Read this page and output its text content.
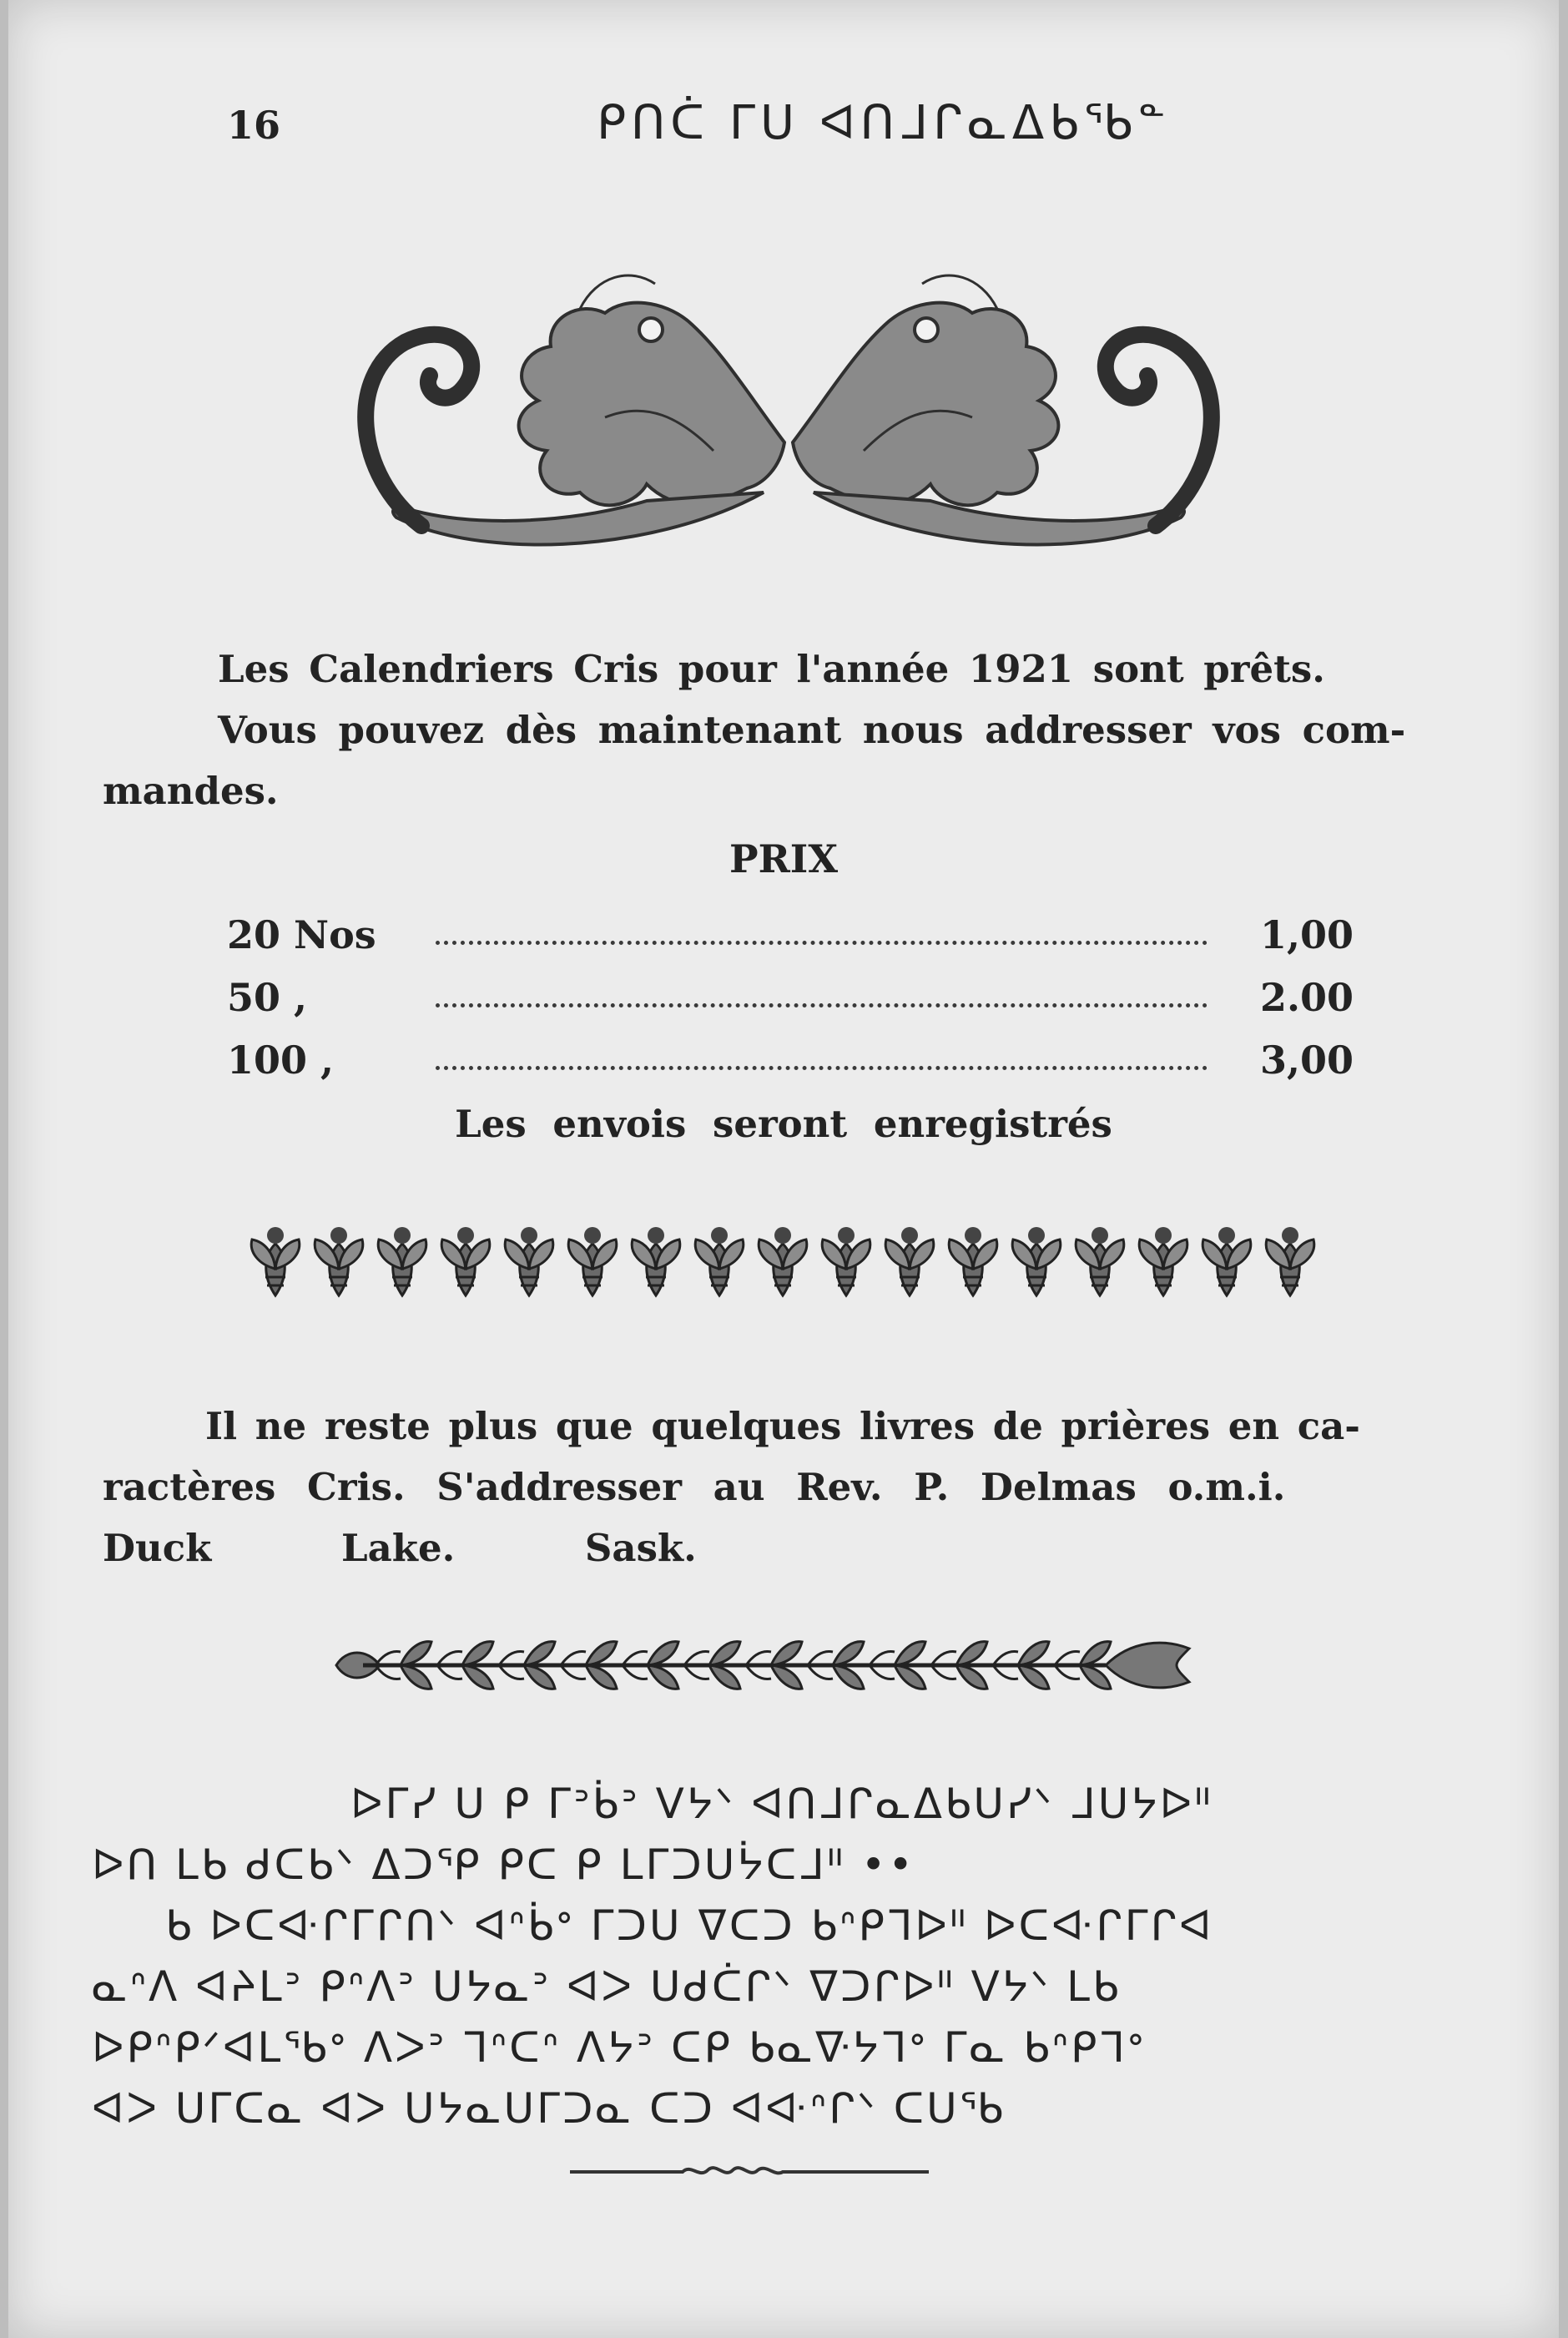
16	ᑭᑎᑖ ᒥᑌ ᐊᑎᒧᒋᓇᐃᑲᖃᓐ

Les Calendriers Cris pour l'année 1921 sont prêts.
Vous pouvez dès maintenant nous addresser vos com-
mandes.

PRIX
20 Nos	1,00
50 ,	2.00
100 ,	3,00
Les envois seront enregistrés

Il ne reste plus que quelques livres de prières en ca-
ractères Cris. S'addresser au Rev. P. Delmas o.m.i.
Duck Lake. Sask.

ᐅᒥᓯ ᑌ ᑭ ᒥᐣᑳᐣ ᐯᔭᐠ ᐊᑎᒧᒋᓇᐃᑲᑌᓯᐠ ᒧᑌᔭᐅᐦ
ᐅᑎ ᒪᑲ ᑯᑕᑲᐠ ᐃᑐᕿ ᑭᑕ ᑭ ᒪᒥᑐᑌᔮᑕᒧᐦ ••
ᑲ ᐅᑕᐘᒋᒥᒋᑎᐠ ᐊᐢᑳᐤ ᒥᑐᑌ ᐁᑕᑐ ᑲᐢᑭᒣᐅᐦ ᐅᑕᐘᒋᒥᒋᐊ
ᓇᐢᐱ ᐊᔨᒪᐣ ᑭᐢᐱᐣ ᑌᔭᓇᐣ ᐊᐳ ᑌᑯᑖᒋᐠ ᐁᑐᒋᐅᐦ ᐯᔭᐠ ᒪᑲ
ᐅᑭᐢᑭᐟᐊᒪᖃᐤ ᐱᐳᐣ ᒣᐢᑕᐢ ᐱᔭᐣ ᑕᑭ ᑲᓇᐍᔭᒣᐤ ᒥᓇ ᑲᐢᑭᒣᐤ
ᐊᐳ ᑌᒥᑕᓇ ᐊᐳ ᑌᔭᓇᑌᒥᑐᓇ ᑕᑐ ᐊᐘᐢᒋᐠ ᑕᑌᖃ
